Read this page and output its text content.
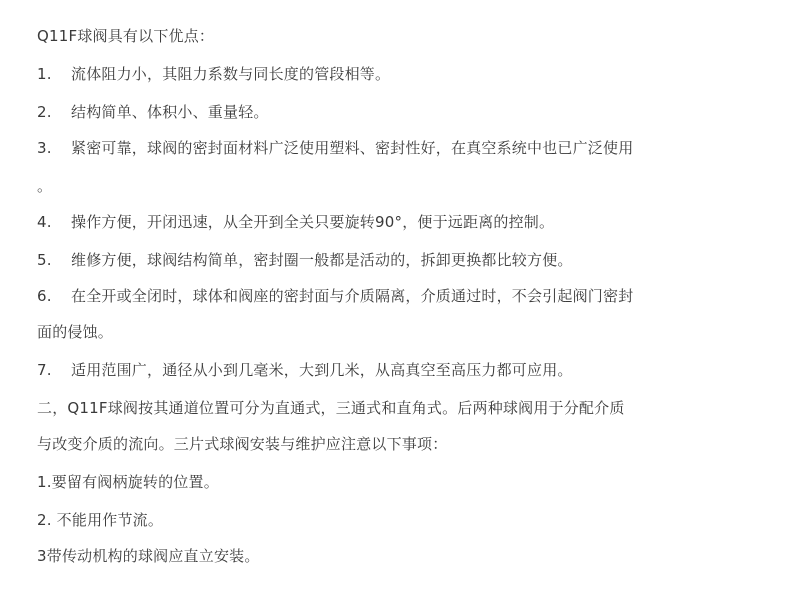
Q11F球阀具有以下优点：
1. 流体阻力小，其阻力系数与同长度的管段相等。
2. 结构简单、体积小、重量轻。
3. 紧密可靠，球阀的密封面材料广泛使用塑料、密封性好，在真空系统中也已广泛使用
。
4. 操作方便，开闭迅速，从全开到全关只要旋转90°，便于远距离的控制。
5. 维修方便，球阀结构简单，密封圈一般都是活动的，拆卸更换都比较方便。
6. 在全开或全闭时，球体和阀座的密封面与介质隔离，介质通过时，不会引起阀门密封
面的侵蚀。
7. 适用范围广，通径从小到几毫米，大到几米，从高真空至高压力都可应用。
二，Q11F球阀按其通道位置可分为直通式，三通式和直角式。后两种球阀用于分配介质
与改变介质的流向。三片式球阀安装与维护应注意以下事项：
1.要留有阀柄旋转的位置。
2. 不能用作节流。
3带传动机构的球阀应直立安装。
